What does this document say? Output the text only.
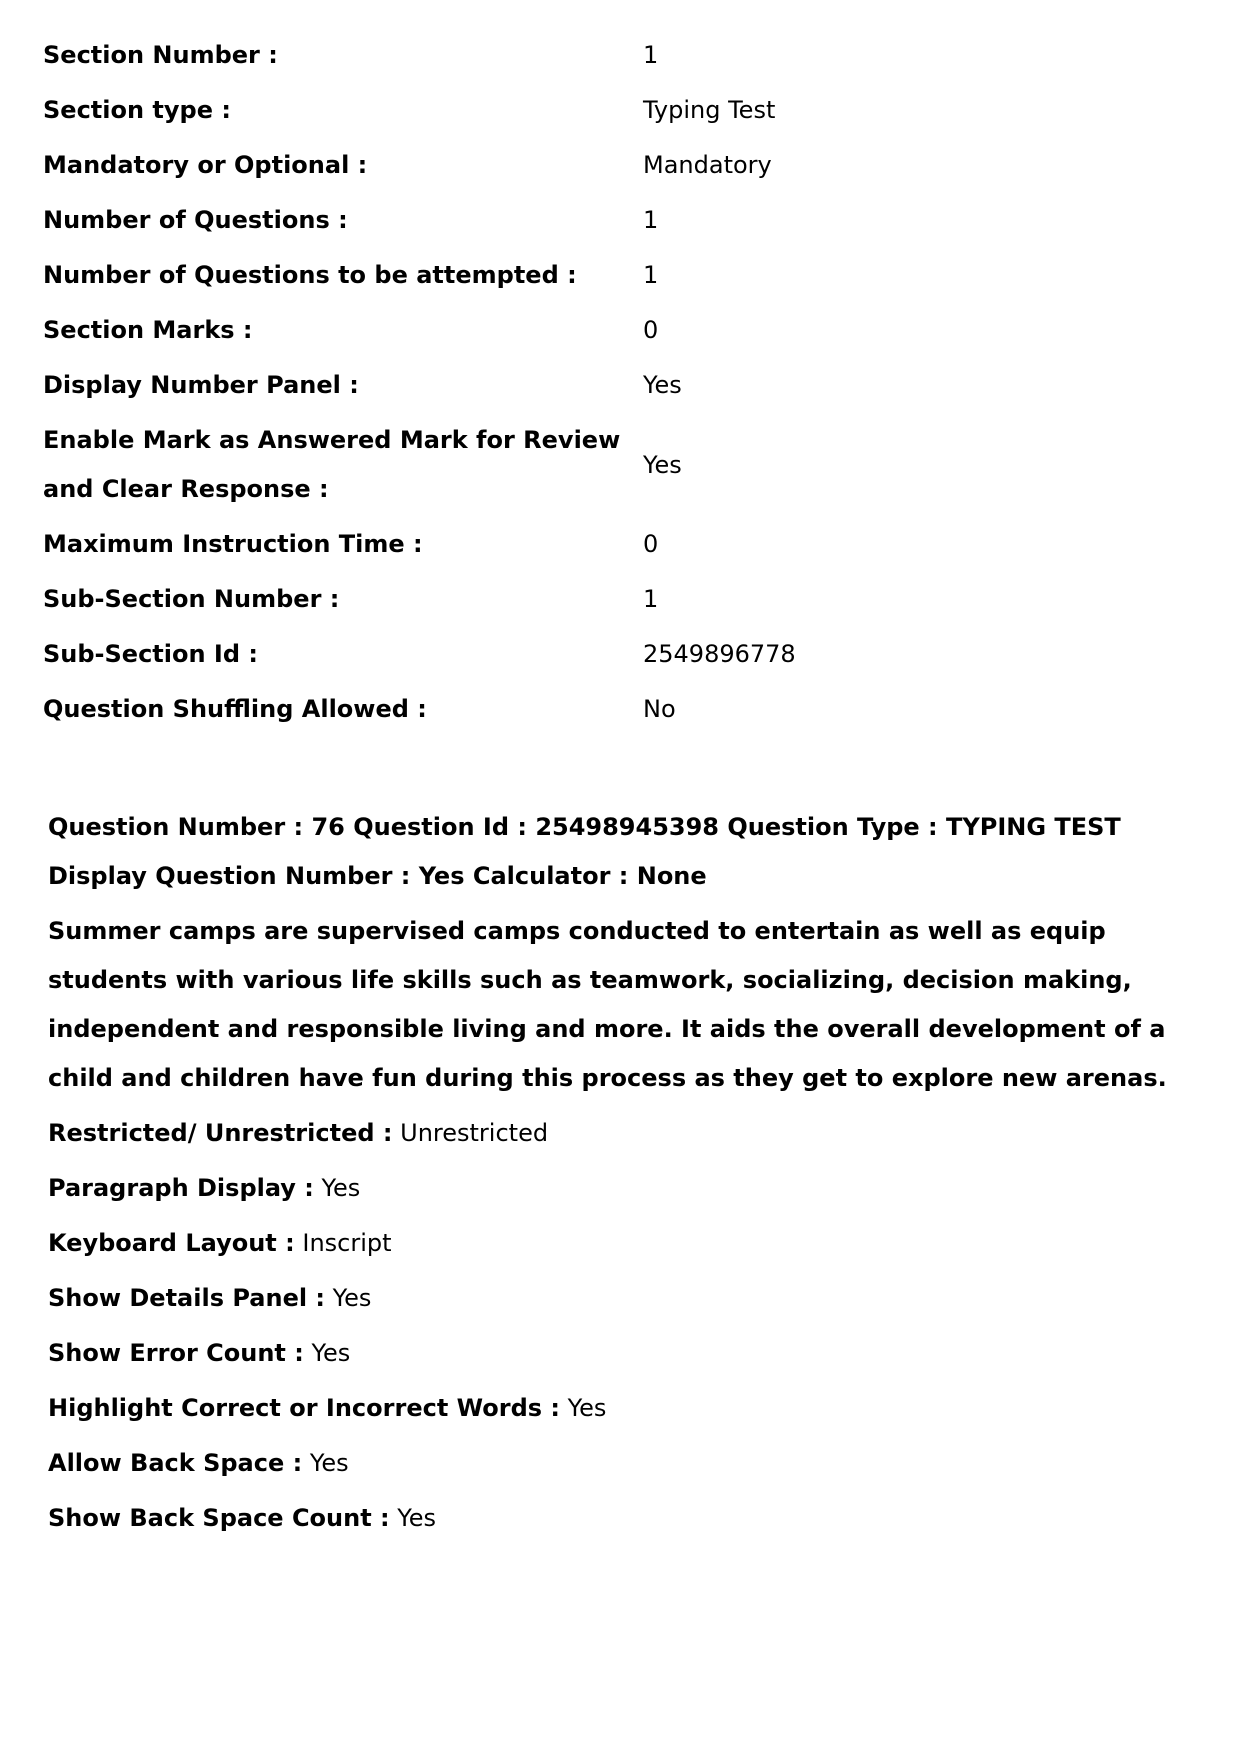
Section Number :	1
Section type :	Typing Test
Mandatory or Optional :	Mandatory
Number of Questions :	1
Number of Questions to be attempted :	1
Section Marks :	0
Display Number Panel :	Yes
Enable Mark as Answered Mark for Review and Clear Response :
Yes
Maximum Instruction Time :	0
Sub-Section Number :	1
Sub-Section Id :	2549896778
Question Shuffling Allowed :	No
Question Number : 76 Question Id : 25498945398 Question Type : TYPING TEST Display Question Number : Yes Calculator : None
Summer camps are supervised camps conducted to entertain as well as equip students with various life skills such as teamwork, socializing, decision making, independent and responsible living and more. It aids the overall development of a child and children have fun during this process as they get to explore new arenas.
Restricted/ Unrestricted : Unrestricted
Paragraph Display : Yes
Keyboard Layout : Inscript
Show Details Panel : Yes
Show Error Count : Yes
Highlight Correct or Incorrect Words : Yes
Allow Back Space : Yes
Show Back Space Count : Yes
